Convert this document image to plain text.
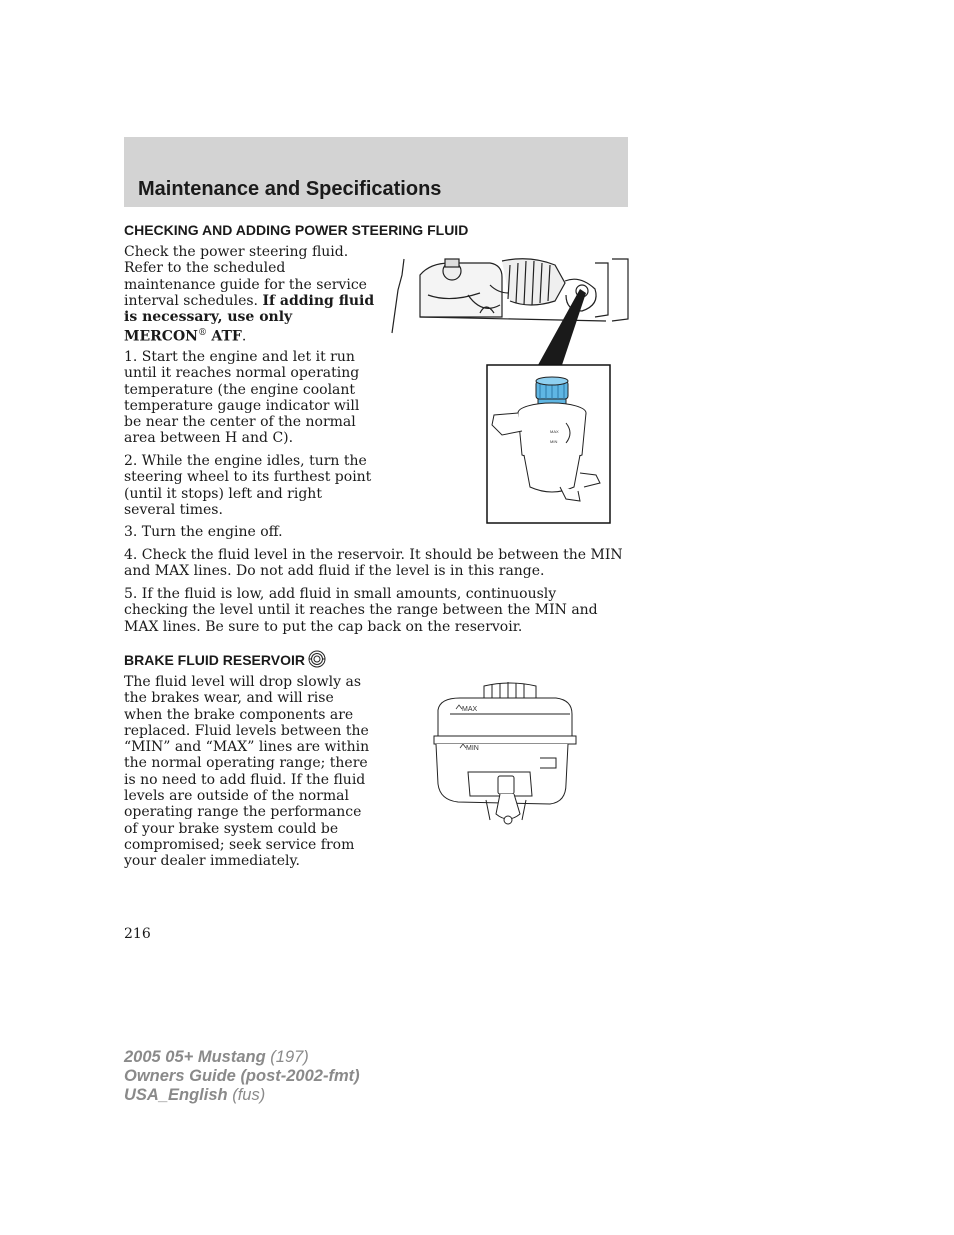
Maintenance and Specifications
CHECKING AND ADDING POWER STEERING FLUID

Check the power steering fluid. Refer to the scheduled maintenance guide for the service interval schedules. If adding fluid is necessary, use only MERCON® ATF.

1. Start the engine and let it run until it reaches normal operating temperature (the engine coolant temperature gauge indicator will be near the center of the normal area between H and C).

2. While the engine idles, turn the steering wheel to its furthest point (until it stops) left and right several times.

3. Turn the engine off.

4. Check the fluid level in the reservoir. It should be between the MIN and MAX lines. Do not add fluid if the level is in this range.

5. If the fluid is low, add fluid in small amounts, continuously checking the level until it reaches the range between the MIN and MAX lines. Be sure to put the cap back on the reservoir.

MAX
MIN
BRAKE FLUID RESERVOIR

The fluid level will drop slowly as the brakes wear, and will rise when the brake components are replaced. Fluid levels between the “MIN” and “MAX” lines are within the normal operating range; there is no need to add fluid. If the fluid levels are outside of the normal operating range the performance of your brake system could be compromised; seek service from your dealer immediately.

MAX
MIN

216

2005 05+ Mustang (197)
Owners Guide (post-2002-fmt)
USA_English (fus)
